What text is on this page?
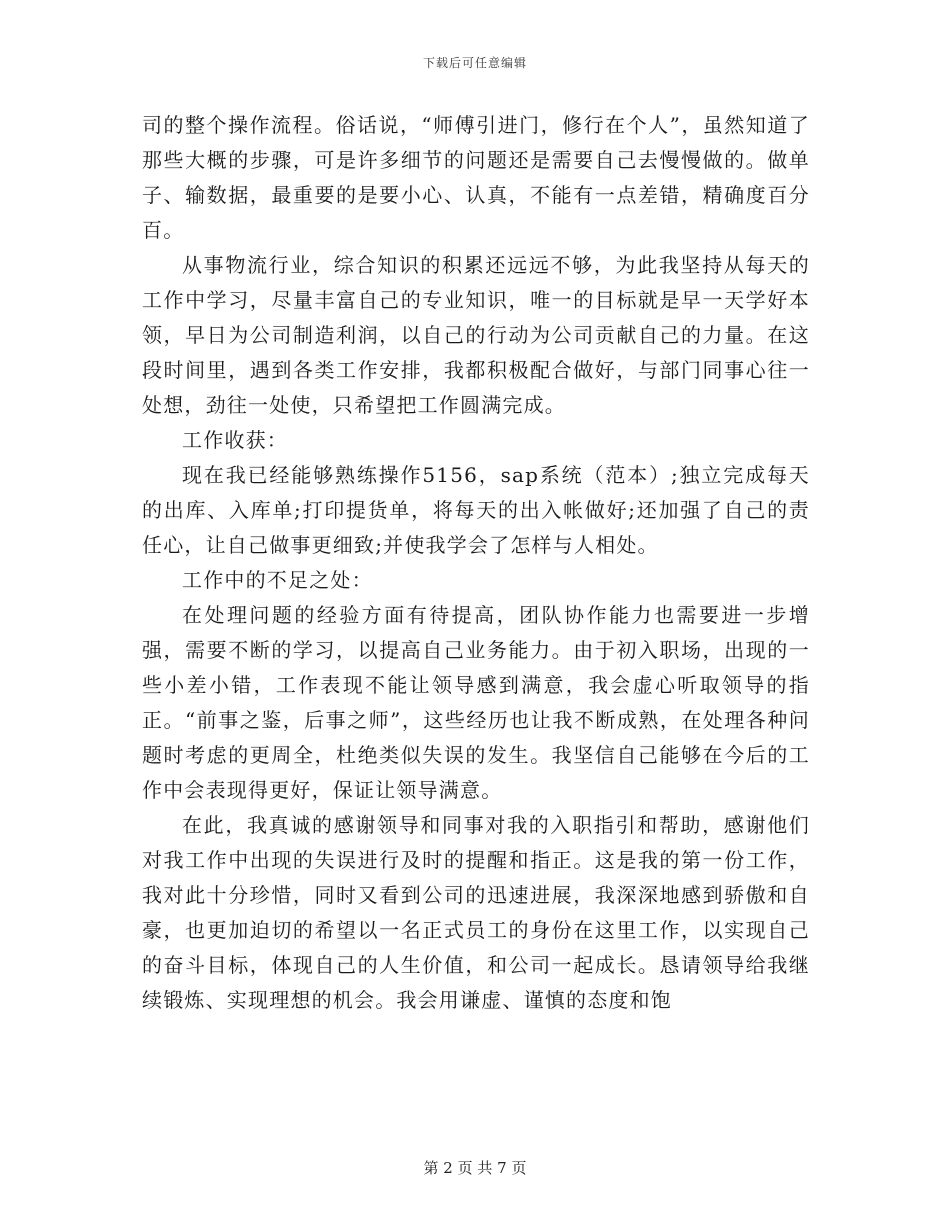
下载后可任意编辑

司的整个操作流程。俗话说，“师傅引进门，修行在个人”，虽然知道了那些大概的步骤，可是许多细节的问题还是需要自己去慢慢做的。做单子、输数据，最重要的是要小心、认真，不能有一点差错，精确度百分百。

从事物流行业，综合知识的积累还远远不够，为此我坚持从每天的工作中学习，尽量丰富自己的专业知识，唯一的目标就是早一天学好本领，早日为公司制造利润，以自己的行动为公司贡献自己的力量。在这段时间里，遇到各类工作安排，我都积极配合做好，与部门同事心往一处想，劲往一处使，只希望把工作圆满完成。

工作收获：

现在我已经能够熟练操作5156，sap系统（范本）;独立完成每天的出库、入库单;打印提货单，将每天的出入帐做好;还加强了自己的责任心，让自己做事更细致;并使我学会了怎样与人相处。

工作中的不足之处：

在处理问题的经验方面有待提高，团队协作能力也需要进一步增强，需要不断的学习，以提高自己业务能力。由于初入职场，出现的一些小差小错，工作表现不能让领导感到满意，我会虚心听取领导的指正。“前事之鉴，后事之师”，这些经历也让我不断成熟，在处理各种问题时考虑的更周全，杜绝类似失误的发生。我坚信自己能够在今后的工作中会表现得更好，保证让领导满意。

在此，我真诚的感谢领导和同事对我的入职指引和帮助，感谢他们对我工作中出现的失误进行及时的提醒和指正。这是我的第一份工作，我对此十分珍惜，同时又看到公司的迅速进展，我深深地感到骄傲和自豪，也更加迫切的希望以一名正式员工的身份在这里工作，以实现自己的奋斗目标，体现自己的人生价值，和公司一起成长。恳请领导给我继续锻炼、实现理想的机会。我会用谦虚、谨慎的态度和饱

第 2 页 共 7 页
